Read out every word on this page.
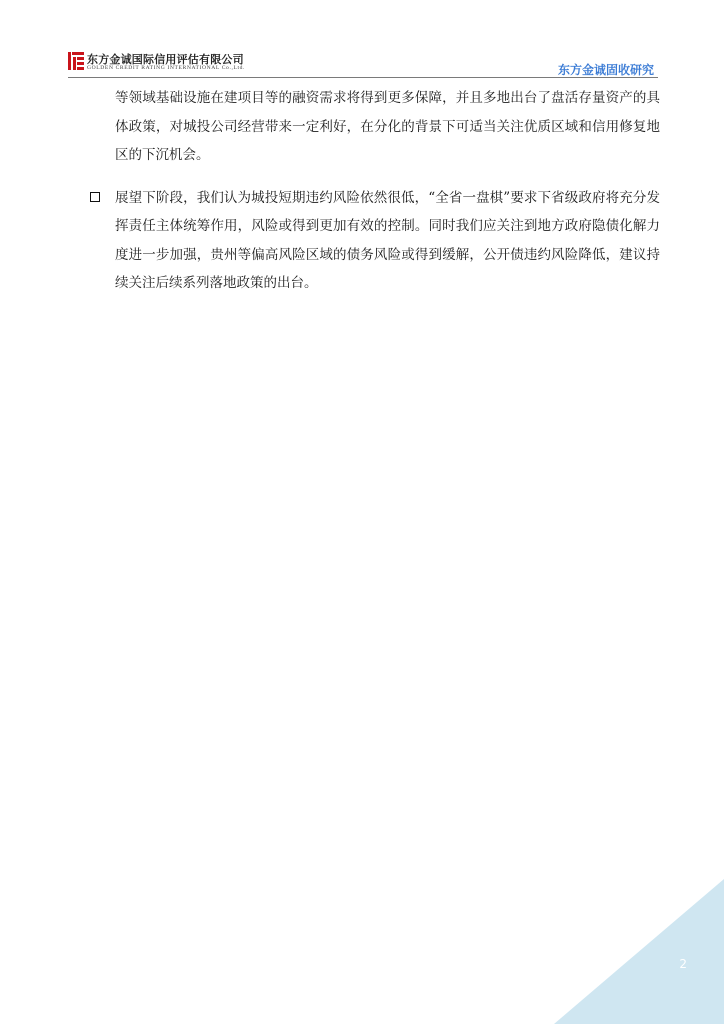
东方金诚国际信用评估有限公司
GOLDEN CREDIT RATING INTERNATIONAL Co.,Ltd.	东方金诚固收研究

等领域基础设施在建项目等的融资需求将得到更多保障，并且多地出台了盘活存量资产的具体政策，对城投公司经营带来一定利好，在分化的背景下可适当关注优质区域和信用修复地区的下沉机会。

展望下阶段，我们认为城投短期违约风险依然很低，“全省一盘棋”要求下省级政府将充分发挥责任主体统筹作用，风险或得到更加有效的控制。同时我们应关注到地方政府隐债化解力度进一步加强，贵州等偏高风险区域的债务风险或得到缓解，公开债违约风险降低，建议持续关注后续系列落地政策的出台。

2
